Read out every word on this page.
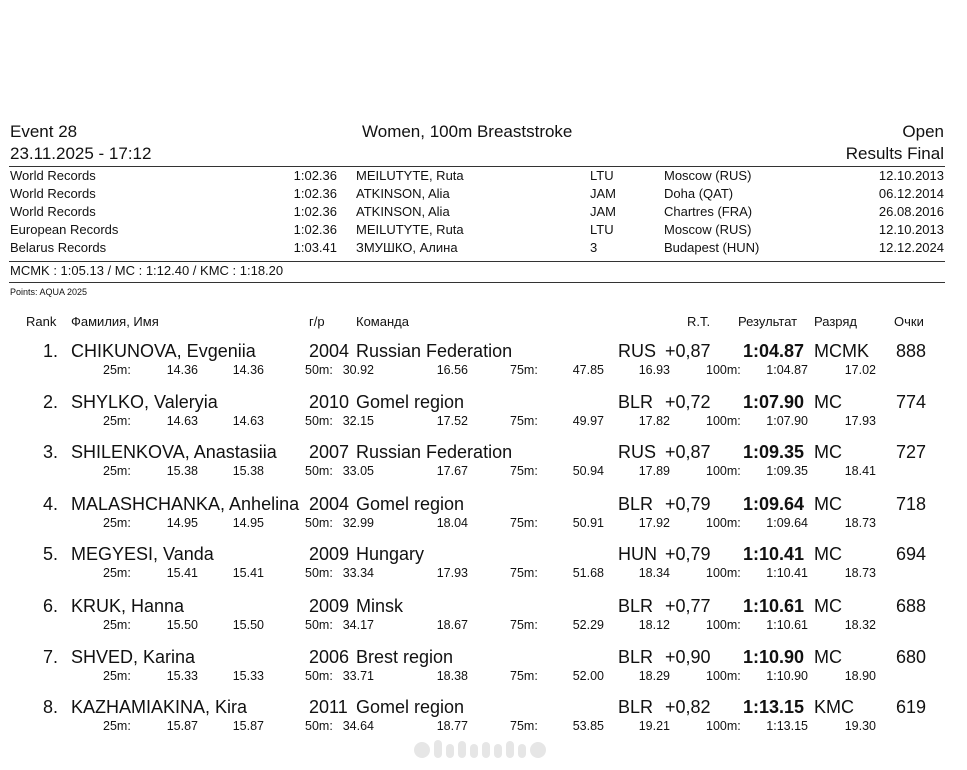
Event 28
23.11.2025 - 17:12
Women, 100m Breaststroke	Open
Results Final
World Records	1:02.36 MEILUTYTE, Ruta	LTU	Moscow (RUS)	12.10.2013
World Records	1:02.36 ATKINSON, Alia	JAM	Doha (QAT)	06.12.2014
World Records	1:02.36 ATKINSON, Alia	JAM	Chartres (FRA)	26.08.2016
European Records	1:02.36 MEILUTYTE, Ruta	LTU	Moscow (RUS)	12.10.2013
Belarus Records	1:03.41 ЗМУШКО, Алина	3	Budapest (HUN)	12.12.2024
MCMK : 1:05.13 / MC : 1:12.40 / KMC : 1:18.20
Points: AQUA 2025
Rank Фамилия, Имя	г/р Команда	R.T. Результат Разряд	Очки
1. CHIKUNOVA, Evgeniia	2004 Russian Federation	RUS +0,87	1:04.87 MCMK	888
25m:	14.36	14.36	50m: 30.92	16.56	75m:	47.85	16.93	100m:	1:04.87	17.02
2. SHYLKO, Valeryia	2010 Gomel region	BLR +0,72	1:07.90 MC	774
25m:	14.63	14.63	50m: 32.15	17.52	75m:	49.97	17.82	100m:	1:07.90	17.93
3. SHILENKOVA, Anastasiia 2007 Russian Federation	RUS +0,87	1:09.35 MC	727
25m:	15.38	15.38	50m: 33.05	17.67	75m:	50.94	17.89	100m:	1:09.35	18.41
4. MALASHCHANKA, Anhelina 2004 Gomel region	BLR +0,79	1:09.64 MC	718
25m:	14.95	14.95	50m: 32.99	18.04	75m:	50.91	17.92	100m:	1:09.64	18.73
5. MEGYESI, Vanda	2009 Hungary	HUN +0,79	1:10.41 MC	694
25m:	15.41	15.41	50m: 33.34	17.93	75m:	51.68	18.34	100m:	1:10.41	18.73
6. KRUK, Hanna	2009 Minsk	BLR +0,77	1:10.61 MC	688
25m:	15.50	15.50	50m: 34.17	18.67	75m:	52.29	18.12	100m:	1:10.61	18.32
7. SHVED, Karina	2006 Brest region	BLR +0,90	1:10.90 MC	680
25m:	15.33	15.33	50m: 33.71	18.38	75m:	52.00	18.29	100m:	1:10.90	18.90
8. KAZHAMIAKINA, Kira	2011 Gomel region	BLR +0,82	1:13.15 KMC	619
25m:	15.87	15.87	50m: 34.64	18.77	75m:	53.85	19.21	100m:	1:13.15	19.30
